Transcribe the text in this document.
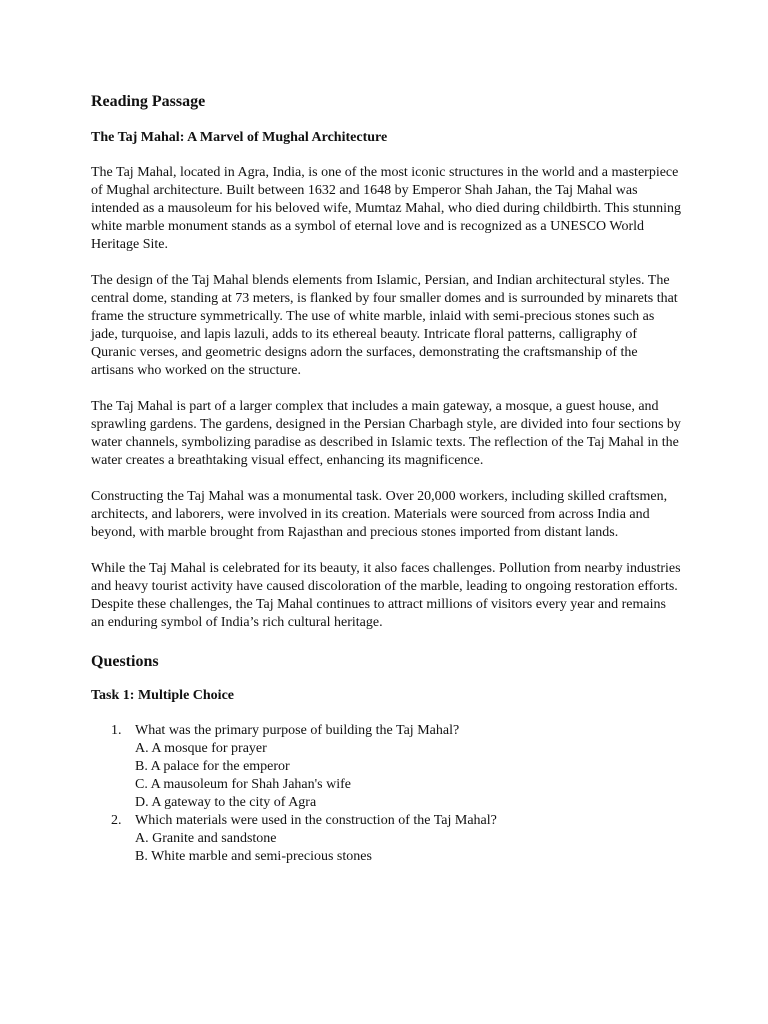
Reading Passage
The Taj Mahal: A Marvel of Mughal Architecture

The Taj Mahal, located in Agra, India, is one of the most iconic structures in the world and a masterpiece of Mughal architecture. Built between 1632 and 1648 by Emperor Shah Jahan, the Taj Mahal was intended as a mausoleum for his beloved wife, Mumtaz Mahal, who died during childbirth. This stunning white marble monument stands as a symbol of eternal love and is recognized as a UNESCO World Heritage Site.

The design of the Taj Mahal blends elements from Islamic, Persian, and Indian architectural styles. The central dome, standing at 73 meters, is flanked by four smaller domes and is surrounded by minarets that frame the structure symmetrically. The use of white marble, inlaid with semi-precious stones such as jade, turquoise, and lapis lazuli, adds to its ethereal beauty. Intricate floral patterns, calligraphy of Quranic verses, and geometric designs adorn the surfaces, demonstrating the craftsmanship of the artisans who worked on the structure.

The Taj Mahal is part of a larger complex that includes a main gateway, a mosque, a guest house, and sprawling gardens. The gardens, designed in the Persian Charbagh style, are divided into four sections by water channels, symbolizing paradise as described in Islamic texts. The reflection of the Taj Mahal in the water creates a breathtaking visual effect, enhancing its magnificence.

Constructing the Taj Mahal was a monumental task. Over 20,000 workers, including skilled craftsmen, architects, and laborers, were involved in its creation. Materials were sourced from across India and beyond, with marble brought from Rajasthan and precious stones imported from distant lands.

While the Taj Mahal is celebrated for its beauty, it also faces challenges. Pollution from nearby industries and heavy tourist activity have caused discoloration of the marble, leading to ongoing restoration efforts. Despite these challenges, the Taj Mahal continues to attract millions of visitors every year and remains an enduring symbol of India’s rich cultural heritage.

Questions
Task 1: Multiple Choice
1. What was the primary purpose of building the Taj Mahal?
A. A mosque for prayer
B. A palace for the emperor
C. A mausoleum for Shah Jahan's wife
D. A gateway to the city of Agra
2. Which materials were used in the construction of the Taj Mahal?
A. Granite and sandstone
B. White marble and semi-precious stones
